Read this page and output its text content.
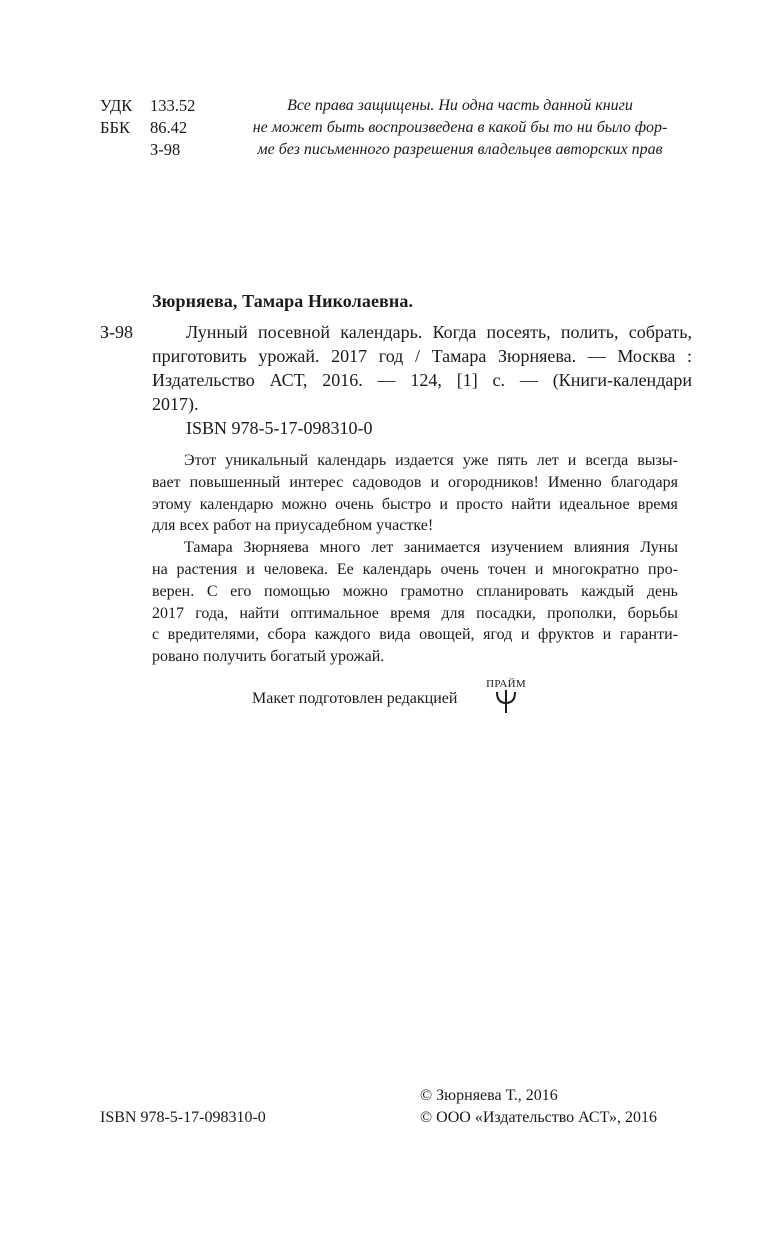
УДК 133.52
ББК 86.42
З-98
Все права защищены. Ни одна часть данной книги
не может быть воспроизведена в какой бы то ни было фор-
ме без письменного разрешения владельцев авторских прав
Зюрняева, Тамара Николаевна.
З-98	Лунный посевной календарь. Когда посеять, полить, собрать,
приготовить урожай. 2017 год / Тамара Зюрняева. — Москва :
Издательство АСТ, 2016. — 124, [1] с. — (Книги-календари
2017).
ISBN 978-5-17-098310-0
Этот уникальный календарь издается уже пять лет и всегда вызы-
вает повышенный интерес садоводов и огородников! Именно благодаря
этому календарю можно очень быстро и просто найти идеальное время
для всех работ на приусадебном участке!
Тамара Зюрняева много лет занимается изучением влияния Луны
на растения и человека. Ее календарь очень точен и многократно про-
верен. С его помощью можно грамотно спланировать каждый день
2017 года, найти оптимальное время для посадки, прополки, борьбы
с вредителями, сбора каждого вида овощей, ягод и фруктов и гаранти-
ровано получить богатый урожай.
Макет подготовлен редакцией
ПРАЙМ
ISBN 978-5-17-098310-0
© Зюрняева Т., 2016
© ООО «Издательство АСТ», 2016
